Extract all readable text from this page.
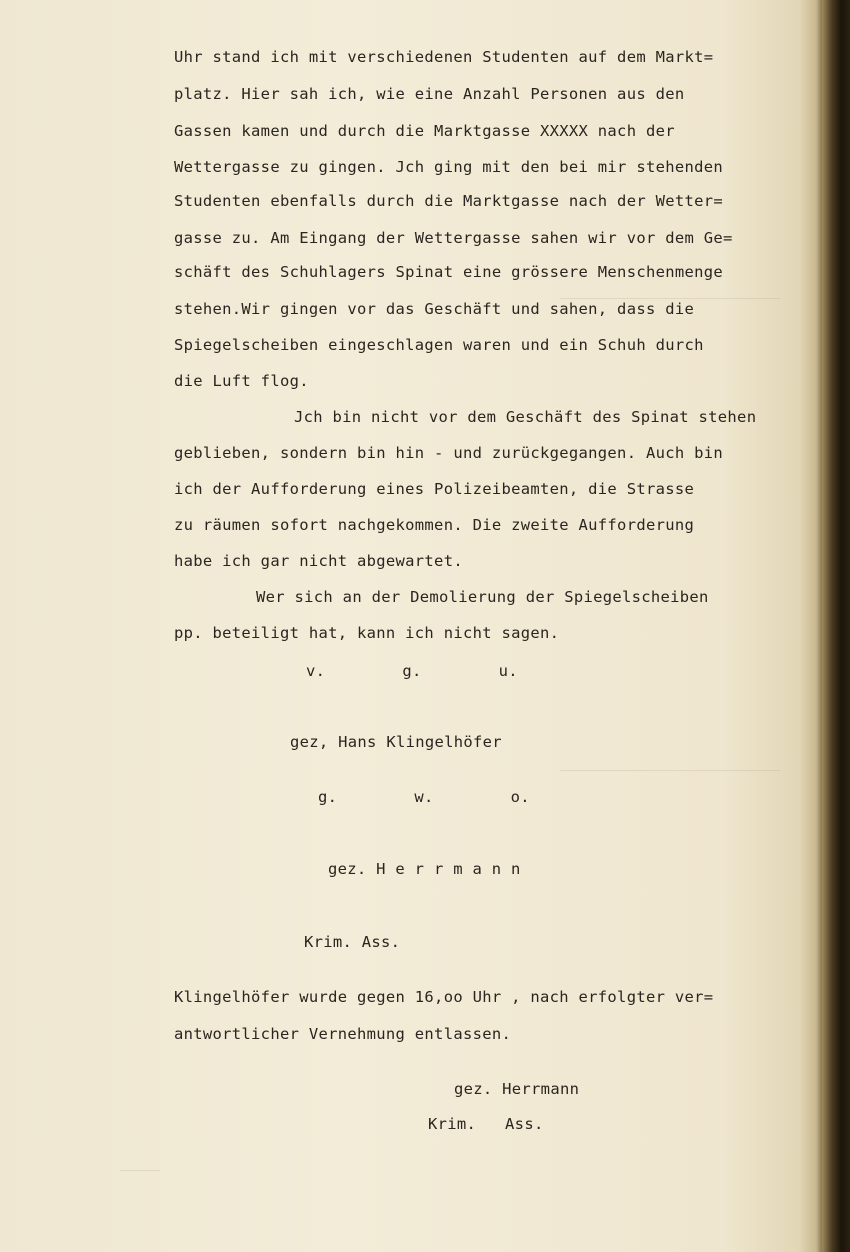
Uhr stand ich mit verschiedenen Studenten auf dem Markt=
platz. Hier sah ich, wie eine Anzahl Personen aus den
Gassen kamen und durch die Marktgasse XXXXX nach der
Wettergasse zu gingen. Jch ging mit den bei mir stehenden
Studenten ebenfalls durch die Marktgasse nach der Wetter=
gasse zu. Am Eingang der Wettergasse sahen wir vor dem Ge=
schäft des Schuhlagers Spinat eine grössere Menschenmenge
stehen.Wir gingen vor das Geschäft und sahen, dass die
Spiegelscheiben eingeschlagen waren und ein Schuh durch
die Luft flog.
Jch bin nicht vor dem Geschäft des Spinat stehen
geblieben, sondern bin hin - und zurückgegangen. Auch bin
ich der Aufforderung eines Polizeibeamten, die Strasse
zu räumen sofort nachgekommen. Die zweite Aufforderung
habe ich gar nicht abgewartet.
Wer sich an der Demolierung der Spiegelscheiben
pp. beteiligt hat, kann ich nicht sagen.
v.        g.        u.
gez, Hans Klingelhöfer
g.        w.        o.
gez. H e r r m a n n
Krim. Ass.
Klingelhöfer wurde gegen 16,oo Uhr , nach erfolgter ver=
antwortlicher Vernehmung entlassen.
gez. Herrmann
Krim.   Ass.
